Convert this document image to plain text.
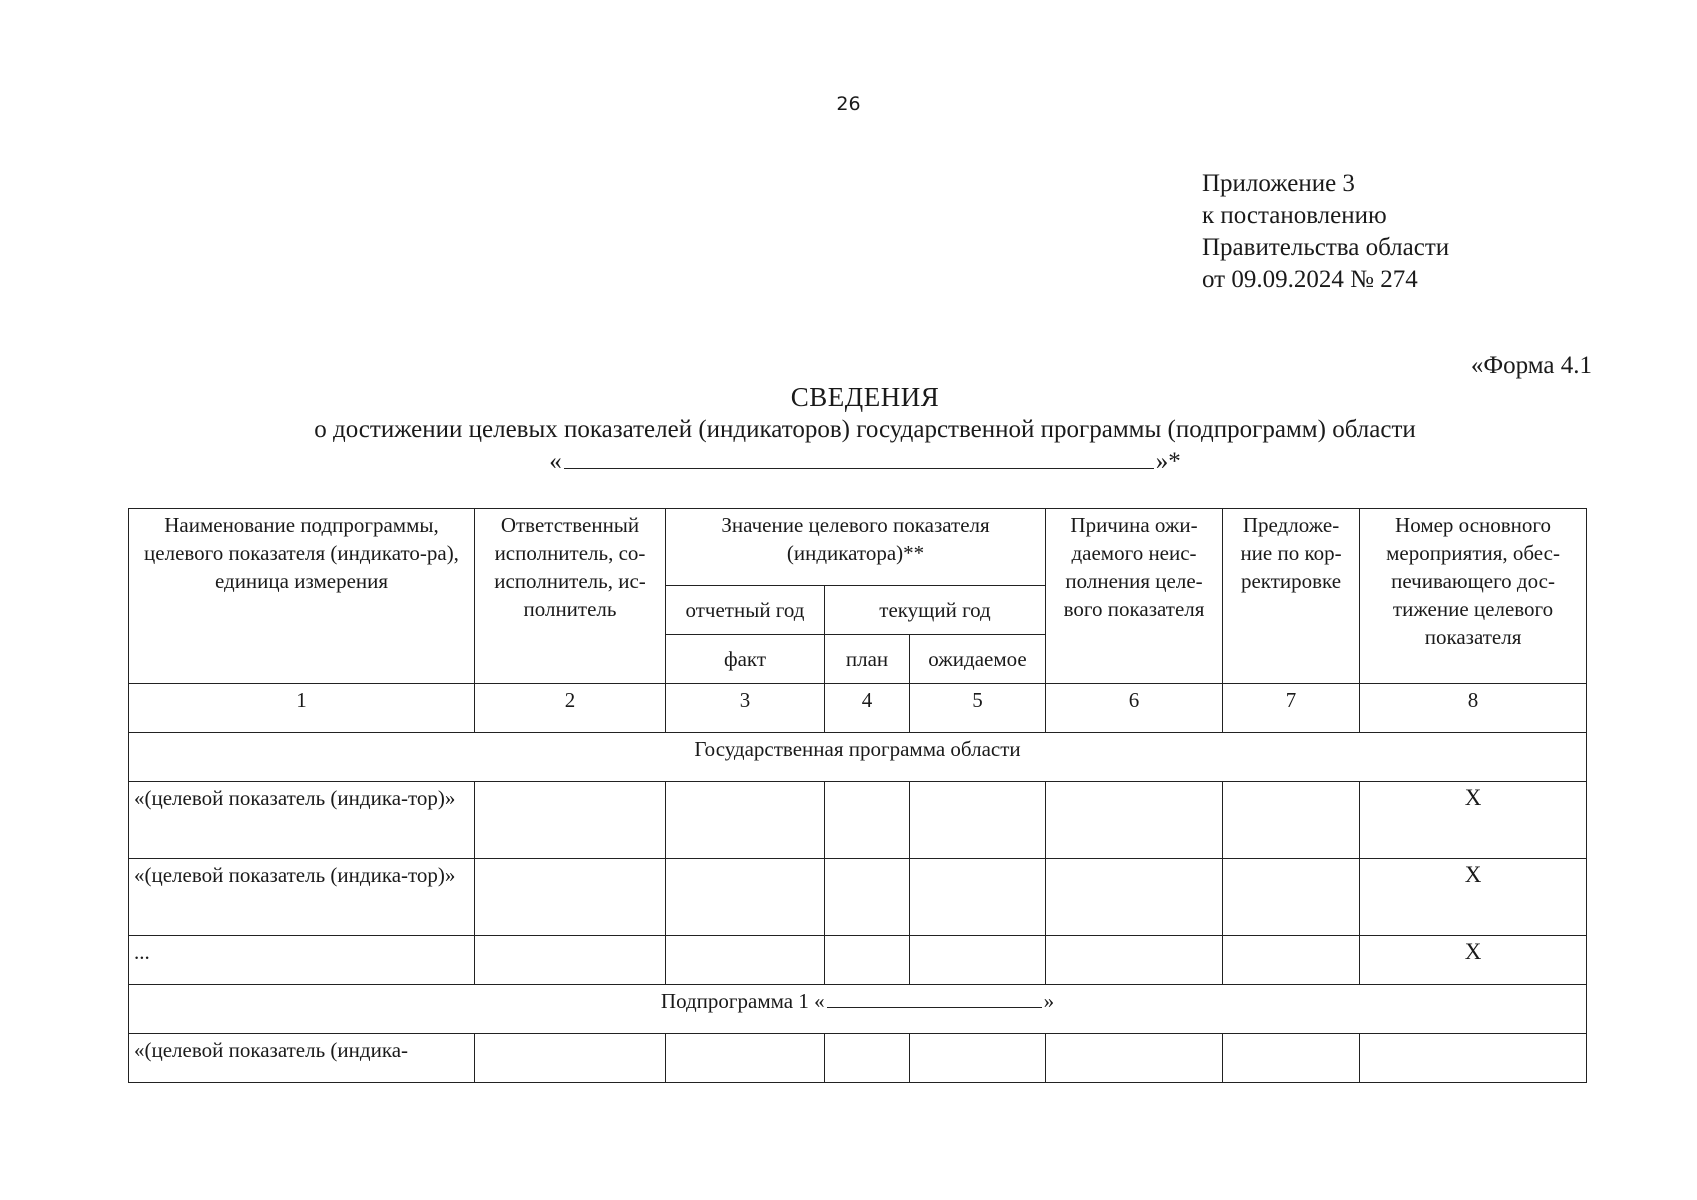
26
Приложение 3
к постановлению
Правительства области
от 09.09.2024 № 274
«Форма 4.1
СВЕДЕНИЯ
о достижении целевых показателей (индикаторов) государственной программы (подпрограмм) области
«	»*
Наименование подпрограммы, целевого показателя (индикато-ра), единица измерения	Ответственный исполнитель, со-исполнитель, ис-полнитель	Значение целевого показателя (индикатора)**			Причина ожи-даемого неис-полнения целе-вого показателя	Предложе-ние по кор-ректировке	Номер основного мероприятия, обес-печивающего дос-тижение целевого показателя
		отчетный год	текущий год				
		факт	план	ожидаемое			
1	2	3	4	5	6	7	8
Государственная программа области							
«(целевой показатель (индика-тор)»							X
«(целевой показатель (индика-тор)»							X
...							X
Подпрограмма 1 « »							
«(целевой показатель (индика-							
